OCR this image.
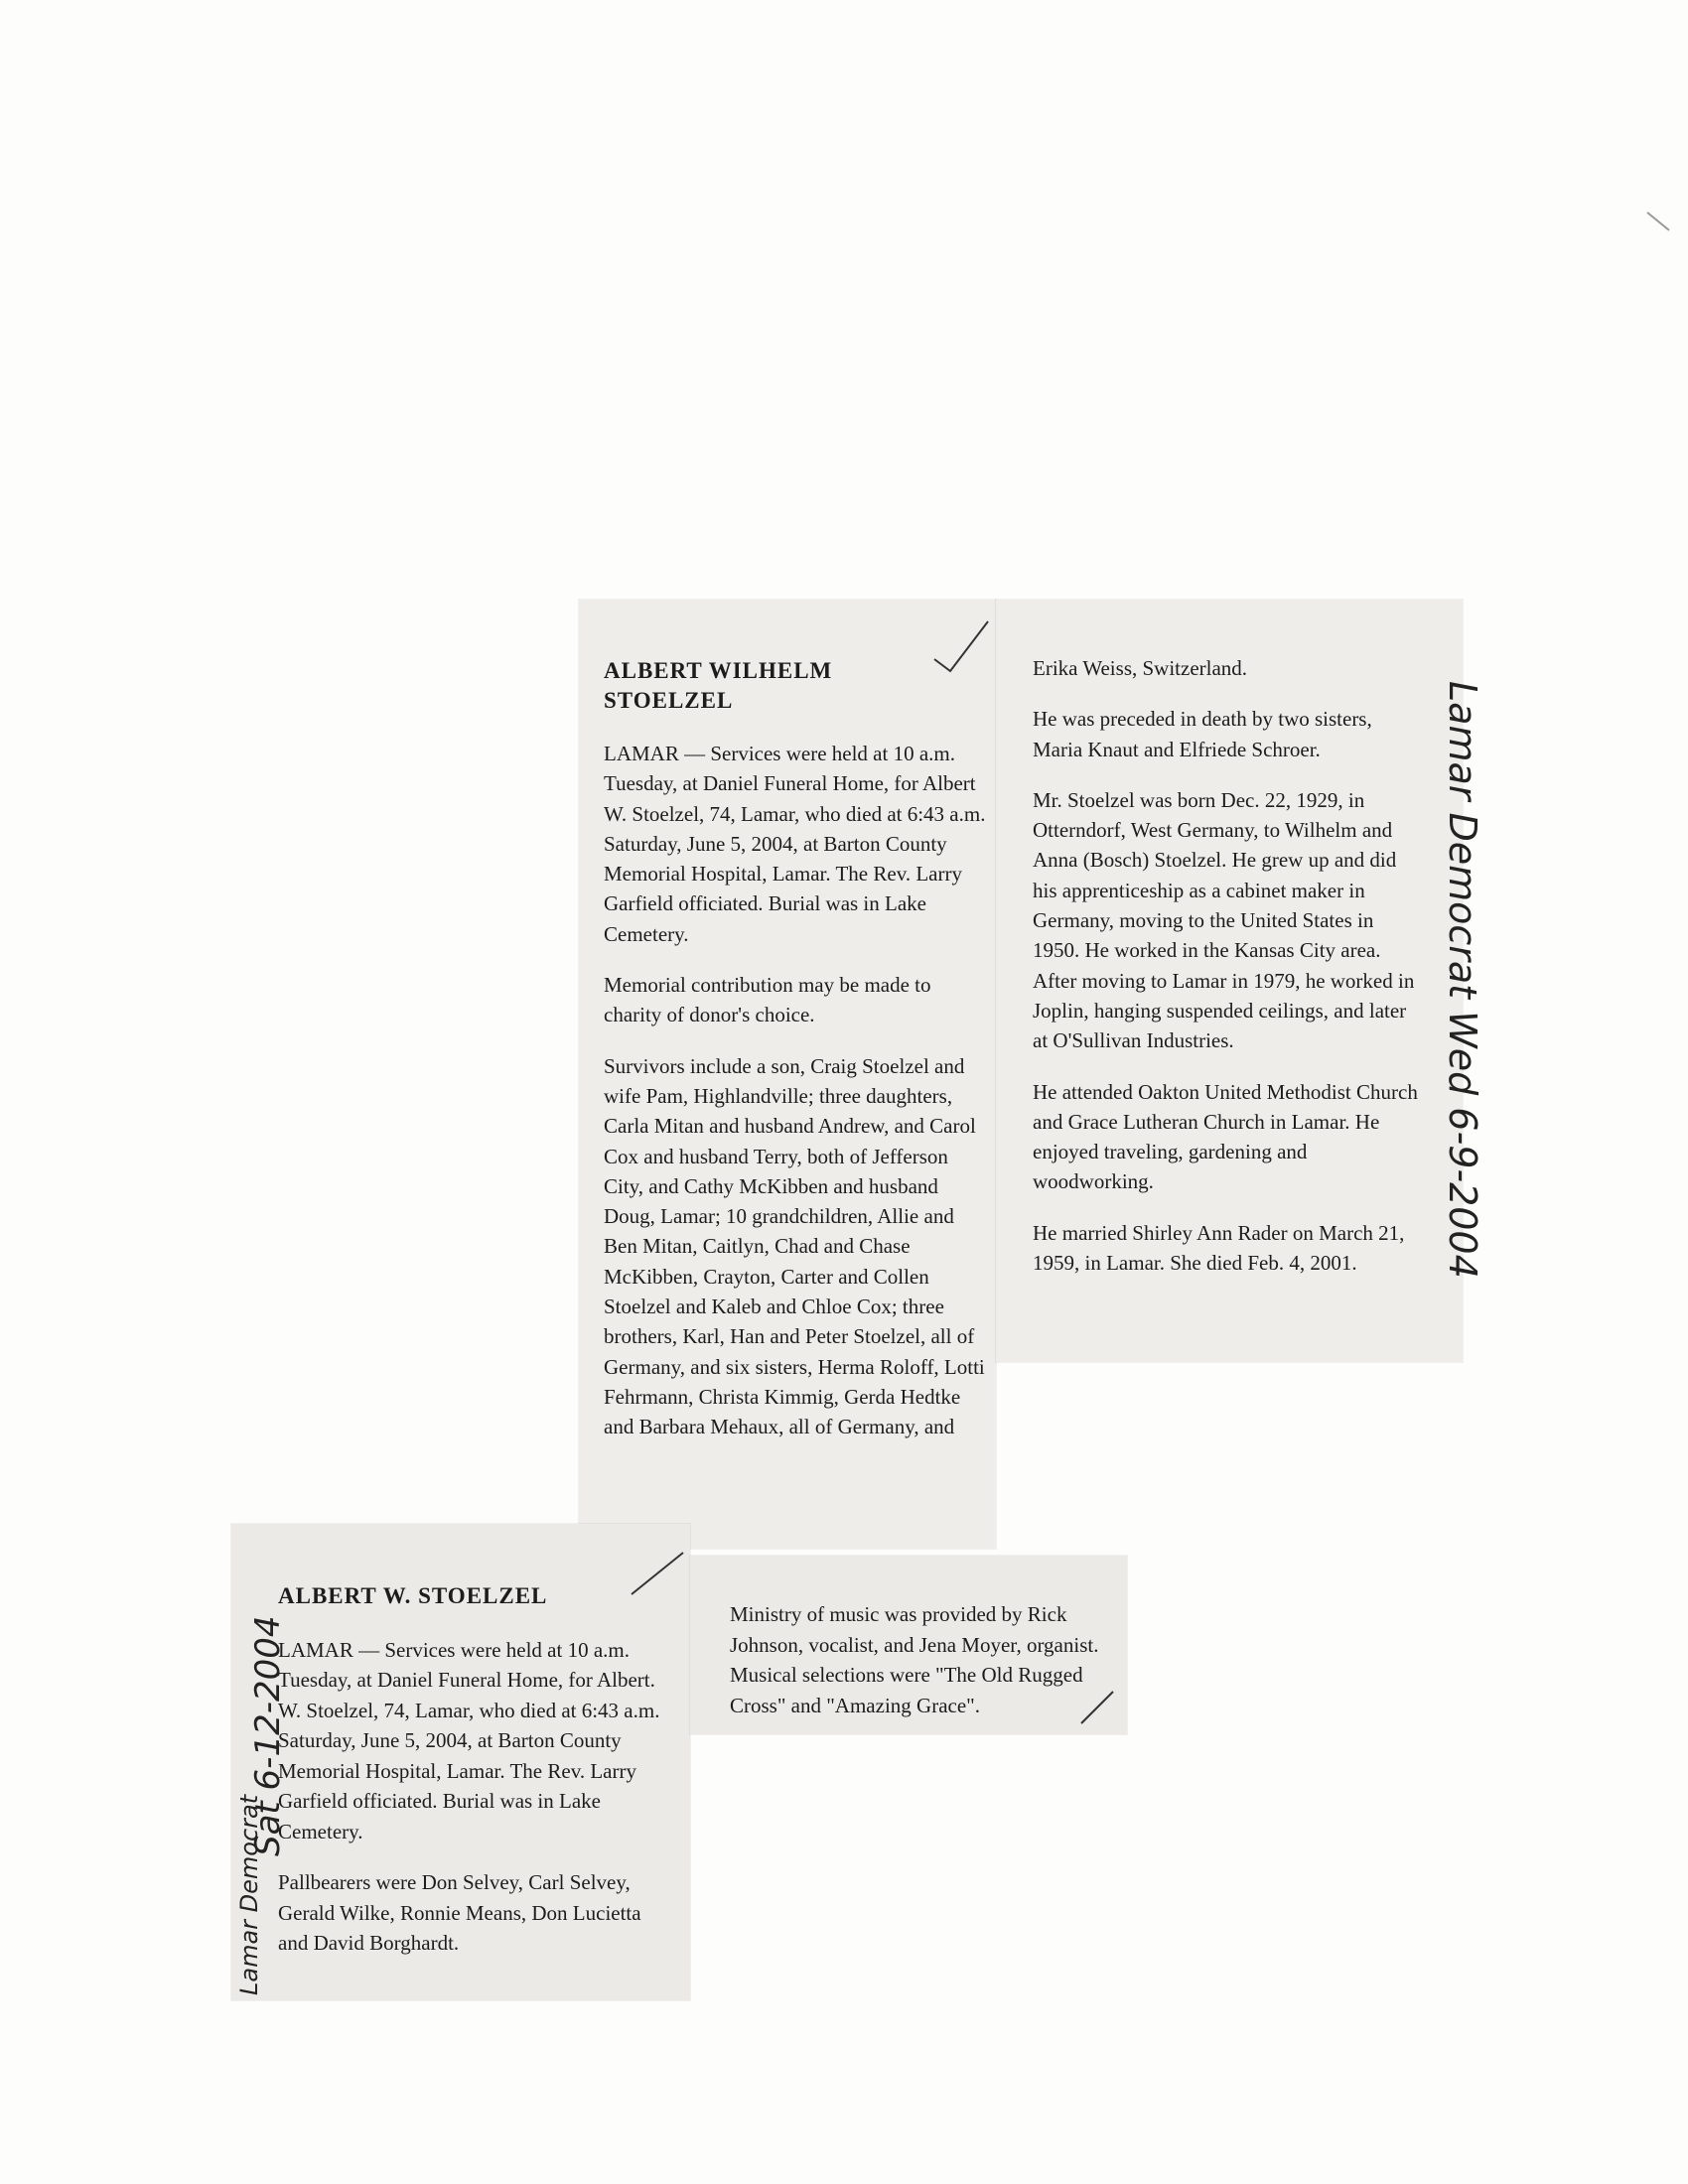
ALBERT WILHELM STOELZEL

LAMAR — Services were held at 10 a.m. Tuesday, at Daniel Funeral Home, for Albert W. Stoelzel, 74, Lamar, who died at 6:43 a.m. Saturday, June 5, 2004, at Barton County Memorial Hospital, Lamar. The Rev. Larry Garfield officiated. Burial was in Lake Cemetery.

Memorial contribution may be made to charity of donor's choice.

Survivors include a son, Craig Stoelzel and wife Pam, Highlandville; three daughters, Carla Mitan and husband Andrew, and Carol Cox and husband Terry, both of Jefferson City, and Cathy McKibben and husband Doug, Lamar; 10 grandchildren, Allie and Ben Mitan, Caitlyn, Chad and Chase McKibben, Crayton, Carter and Collen Stoelzel and Kaleb and Chloe Cox; three brothers, Karl, Han and Peter Stoelzel, all of Germany, and six sisters, Herma Roloff, Lotti Fehrmann, Christa Kimmig, Gerda Hedtke and Barbara Mehaux, all of Germany, and

Erika Weiss, Switzerland.

He was preceded in death by two sisters, Maria Knaut and Elfriede Schroer.

Mr. Stoelzel was born Dec. 22, 1929, in Otterndorf, West Germany, to Wilhelm and Anna (Bosch) Stoelzel. He grew up and did his apprenticeship as a cabinet maker in Germany, moving to the United States in 1950. He worked in the Kansas City area. After moving to Lamar in 1979, he worked in Joplin, hanging suspended ceilings, and later at O'Sullivan Industries.

He attended Oakton United Methodist Church and Grace Lutheran Church in Lamar. He enjoyed traveling, gardening and woodworking.

He married Shirley Ann Rader on March 21, 1959, in Lamar. She died Feb. 4, 2001.	Lamar Democrat Wed 6-9-2004

ALBERT W. STOELZEL

LAMAR — Services were held at 10 a.m. Tuesday, at Daniel Funeral Home, for Albert. W. Stoelzel, 74, Lamar, who died at 6:43 a.m. Saturday, June 5, 2004, at Barton County Memorial Hospital, Lamar. The Rev. Larry Garfield officiated. Burial was in Lake Cemetery.

Pallbearers were Don Selvey, Carl Selvey, Gerald Wilke, Ronnie Means, Don Lucietta and David Borghardt.

Ministry of music was provided by Rick Johnson, vocalist, and Jena Moyer, organist. Musical selections were "The Old Rugged Cross" and "Amazing Grace".

Lamar Democrat
Sat 6-12-2004
